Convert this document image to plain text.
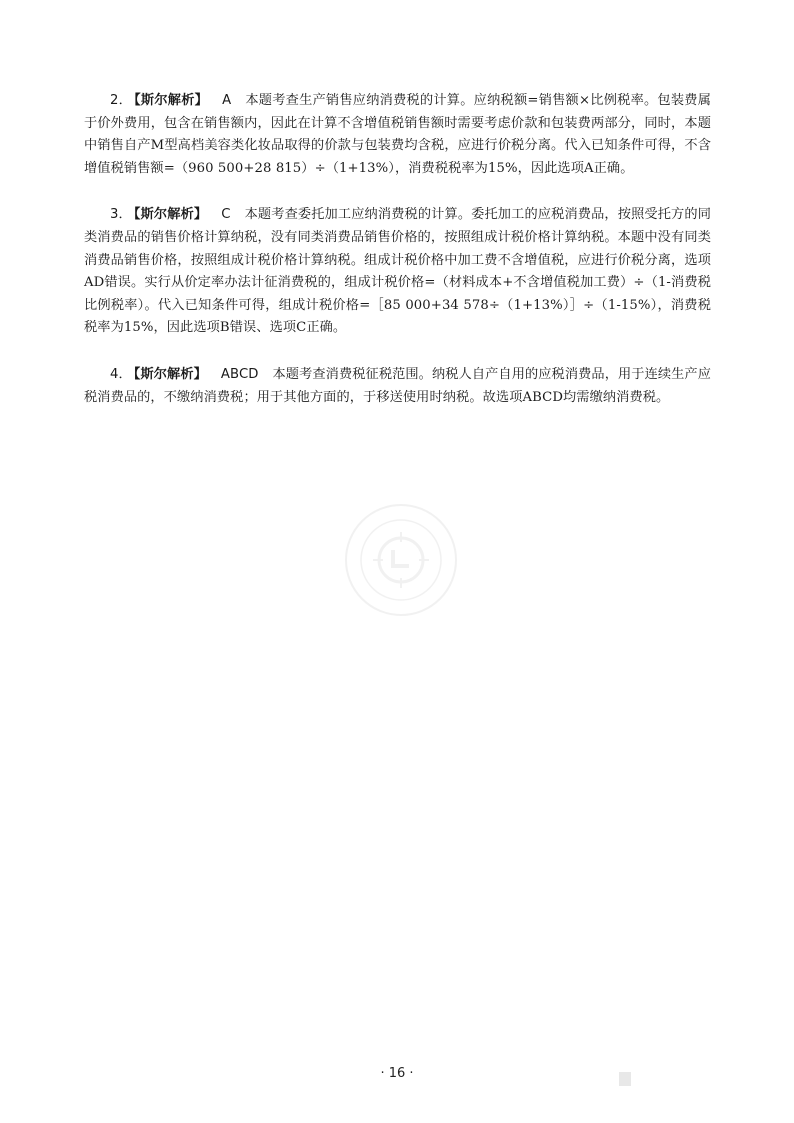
2． 【斯尔解析】 A 本题考查生产销售应纳消费税的计算。应纳税额=销售额×比例税率。包装费属于价外费用，包含在销售额内，因此在计算不含增值税销售额时需要考虑价款和包装费两部分，同时，本题中销售自产M型高档美容类化妆品取得的价款与包装费均含税，应进行价税分离。代入已知条件可得，不含增值税销售额=（960 500+28 815）÷（1+13%），消费税税率为15%，因此选项A正确。

3． 【斯尔解析】 C 本题考查委托加工应纳消费税的计算。委托加工的应税消费品，按照受托方的同类消费品的销售价格计算纳税，没有同类消费品销售价格的，按照组成计税价格计算纳税。本题中没有同类消费品销售价格，按照组成计税价格计算纳税。组成计税价格中加工费不含增值税，应进行价税分离，选项AD错误。实行从价定率办法计征消费税的，组成计税价格=（材料成本+不含增值税加工费）÷（1-消费税比例税率）。代入已知条件可得，组成计税价格=［85 000+34 578÷（1+13%）］÷（1-15%），消费税税率为15%，因此选项B错误、选项C正确。

4． 【斯尔解析】 ABCD 本题考查消费税征税范围。纳税人自产自用的应税消费品，用于连续生产应税消费品的，不缴纳消费税；用于其他方面的，于移送使用时纳税。故选项ABCD均需缴纳消费税。

· 16 ·
